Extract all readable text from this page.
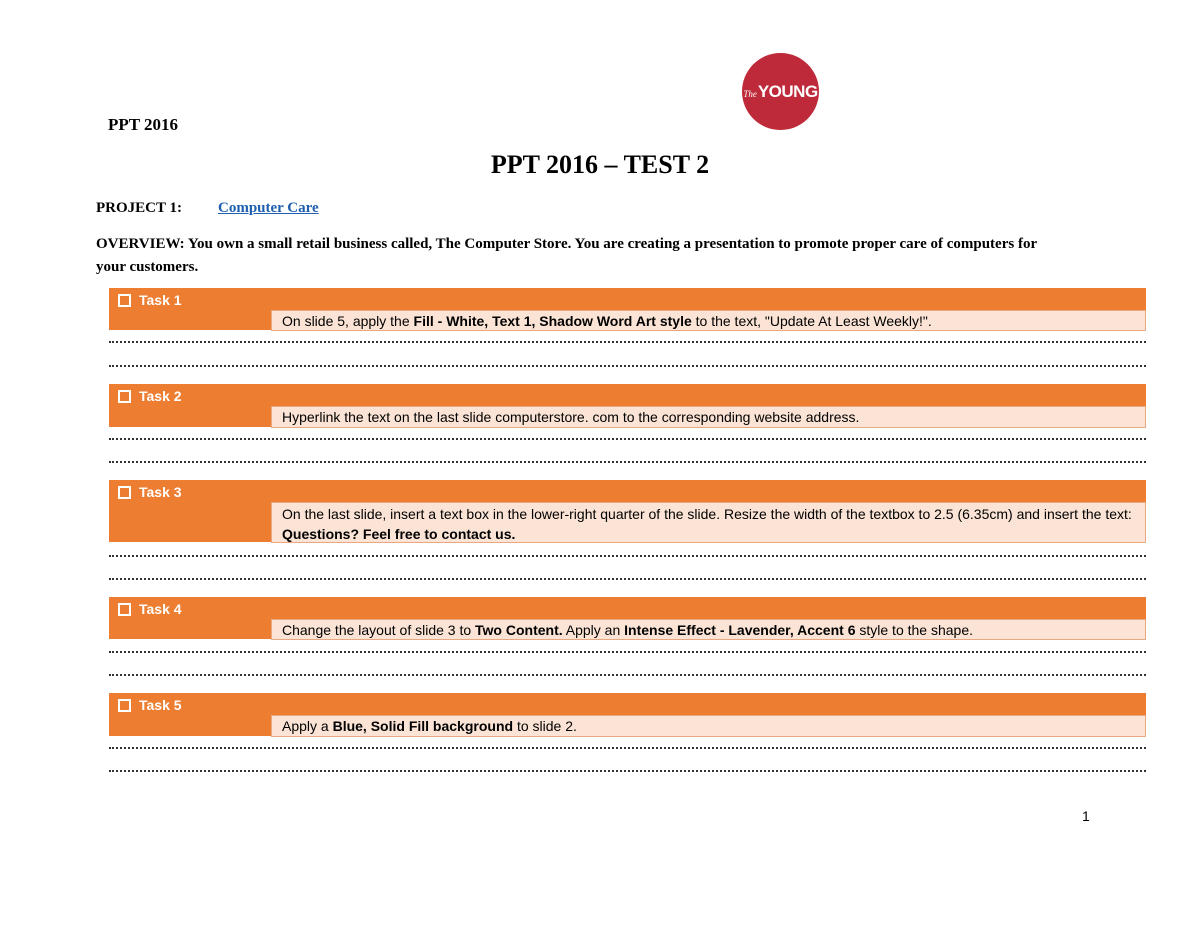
The YOUNG
PPT 2016
PPT 2016 – TEST 2
PROJECT 1: Computer Care
OVERVIEW: You own a small retail business called, The Computer Store. You are creating a presentation to promote proper care of computers for your customers.
Task 1
On slide 5, apply the Fill - White, Text 1, Shadow Word Art style to the text, "Update At Least Weekly!".
Task 2
Hyperlink the text on the last slide computerstore. com to the corresponding website address.
Task 3
On the last slide, insert a text box in the lower-right quarter of the slide. Resize the width of the textbox to 2.5 (6.35cm) and insert the text: Questions? Feel free to contact us.
Task 4
Change the layout of slide 3 to Two Content. Apply an Intense Effect - Lavender, Accent 6 style to the shape.
Task 5
Apply a Blue, Solid Fill background to slide 2.
1
